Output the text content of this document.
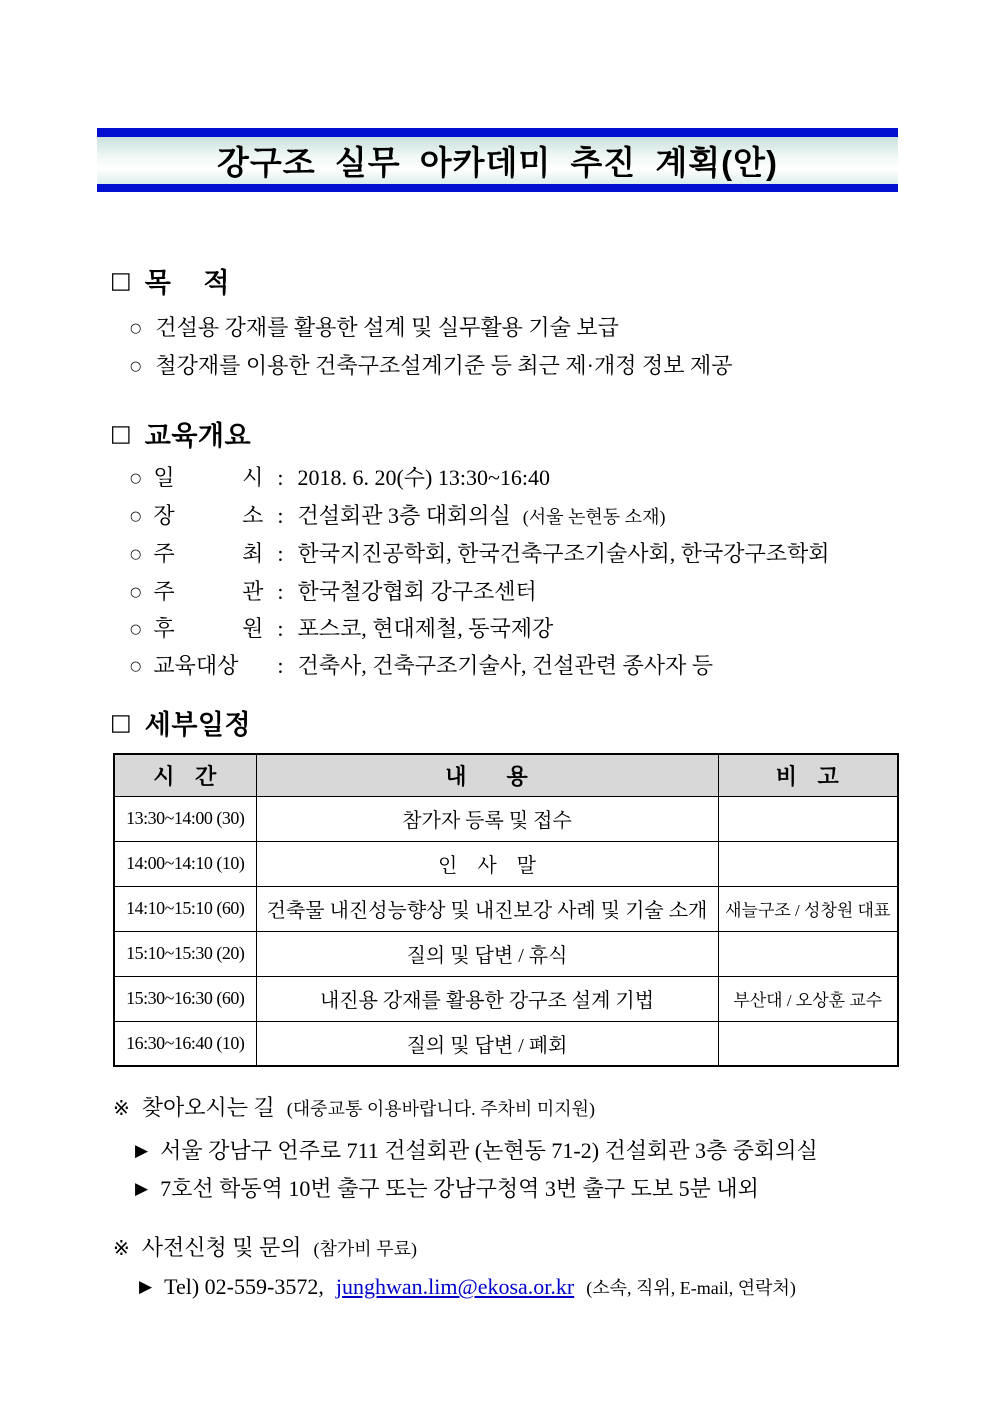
강구조 실무 아카데미 추진 계획(안)
□ 목    적
○ 건설용 강재를 활용한 설계 및 실무활용 기술 보급
○ 철강재를 이용한 건축구조설계기준 등 최근 제·개정 정보 제공
□ 교육개요
○ 일	시 : 2018. 6. 20(수) 13:30~16:40
○ 장	소 : 건설회관 3층 대회의실 (서울 논현동 소재)
○ 주	최 : 한국지진공학회, 한국건축구조기술사회, 한국강구조학회
○ 주	관 : 한국철강협회 강구조센터
○ 후	원 : 포스코, 현대제철, 동국제강
○ 교육대상 : 건축사, 건축구조기술사, 건설관련 종사자 등
□ 세부일정
시   간	내      용	비   고
13:30~14:00 (30)	참가자 등록 및 접수	
14:00~14:10 (10)	인    사    말	
14:10~15:10 (60)	건축물 내진성능향상 및 내진보강 사례 및 기술 소개	새늘구조 / 성창원 대표
15:10~15:30 (20)	질의 및 답변 / 휴식	
15:30~16:30 (60)	내진용 강재를 활용한 강구조 설계 기법	부산대 / 오상훈 교수
16:30~16:40 (10)	질의 및 답변 / 폐회	
※ 찾아오시는 길 (대중교통 이용바랍니다. 주차비 미지원)
▶ 서울 강남구 언주로 711 건설회관 (논현동 71-2) 건설회관 3층 중회의실
▶ 7호선 학동역 10번 출구 또는 강남구청역 3번 출구 도보 5분 내외
※ 사전신청 및 문의 (참가비 무료)
▶ Tel) 02-559-3572, junghwan.lim@ekosa.or.kr (소속, 직위, E-mail, 연락처)
